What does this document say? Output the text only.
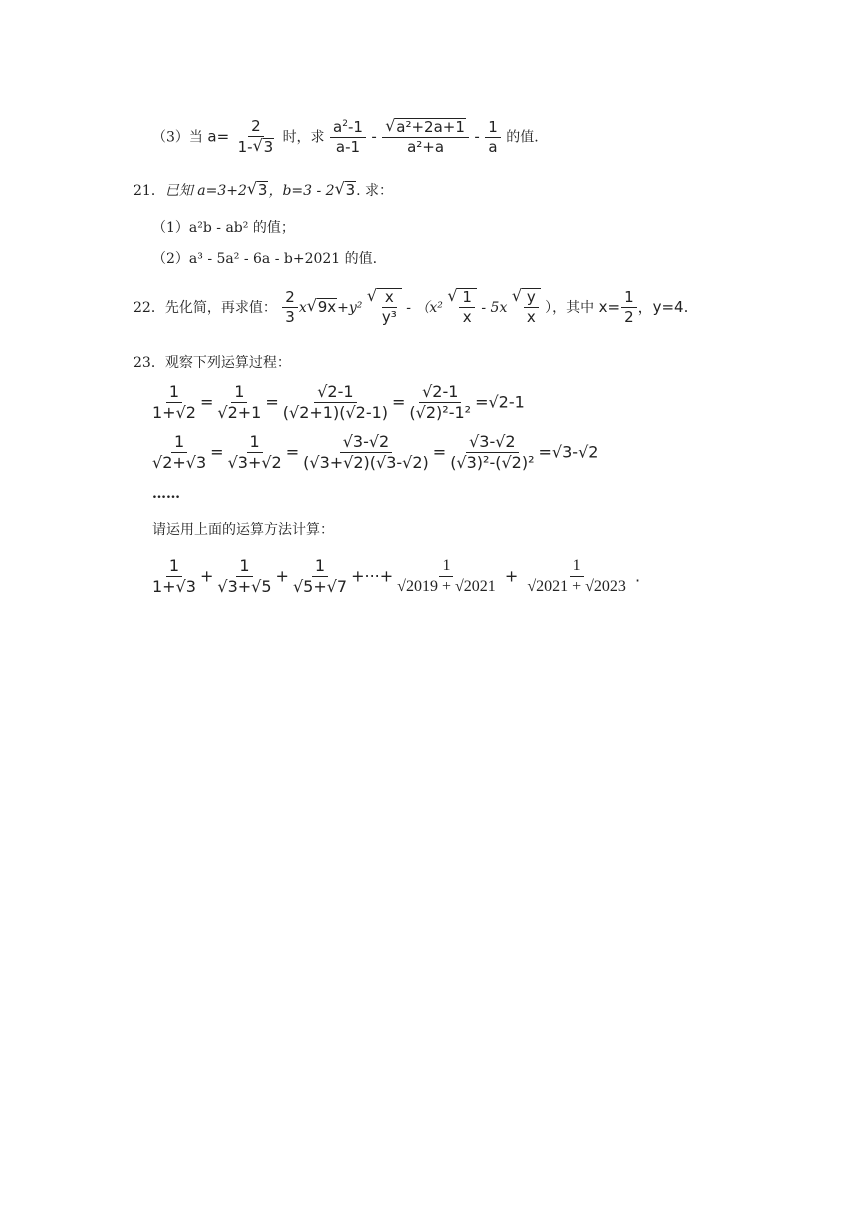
（3）当 $a= \frac{2}{1-√ 3}$ 时，求 $\frac{a^2-1}{a-1}$ -
√ $\frac{\text{a²+2a+1}}{\text{a²+a}} - \frac{1}{a}$ 的值.
21．已知 a=3+2√ 3，b=3 - 2√ 3. 求：
（1）a²b - ab² 的值；
（2）a³ - 5a² - 6a - b+2021 的值.
22．先化简，再求值： $\frac{2}{3} x√$ 9x+y²
√ $\frac{x}{\text{y³}} - (x^2$
√ $\frac{1}{x} - 5x$
√ $\frac{y}{x}$ ），其中 $x= \frac{1}{2}$ ，y=4.
23．观察下列运算过程：
$\frac{1}{1+√2} = \frac{1}{√2+1} = \frac{√2-1}{(√2+1)(√2-1)} = \frac{√2-1}{\text{(√2)²-1²}} =√2-1$
$\frac{1}{√2+√3} = \frac{1}{√3+√2} = \frac{√3-√2}{(√3+√2)(√3-√2)} = \frac{√3-√2}{\text{(√3)²-(√2)²}} =√3-√2$
……
请运用上面的运算方法计算：
$\frac{1}{1+√3} + \frac{1}{√3+√5} + \frac{1}{√5+√7}$ +···+ $\frac{1}{√2019 + √2021} + \frac{1}{√2021 + √2023}$ .
